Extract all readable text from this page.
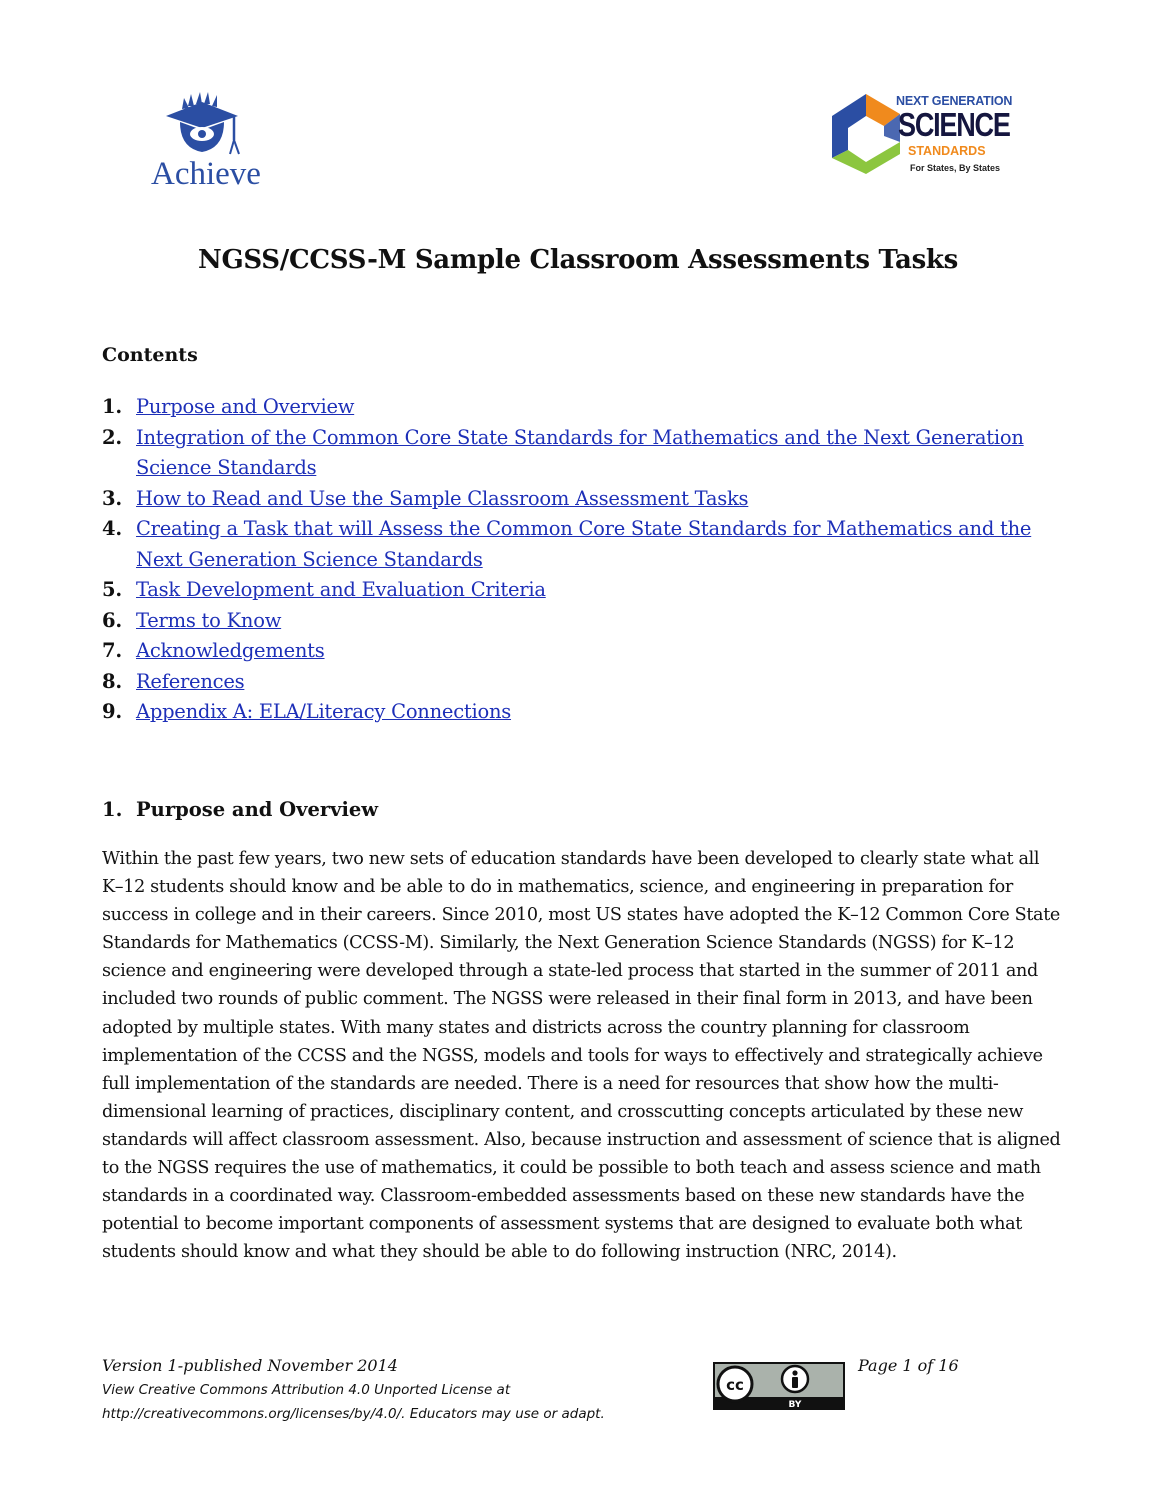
Achieve
NEXT GENERATION
SCIENCE
STANDARDS
For States, By States
NGSS/CCSS-M Sample Classroom Assessments Tasks
Contents
1. Purpose and Overview
2. Integration of the Common Core State Standards for Mathematics and the Next Generation Science Standards
3. How to Read and Use the Sample Classroom Assessment Tasks
4. Creating a Task that will Assess the Common Core State Standards for Mathematics and the Next Generation Science Standards
5. Task Development and Evaluation Criteria
6. Terms to Know
7. Acknowledgements
8. References
9. Appendix A: ELA/Literacy Connections
1. Purpose and Overview

Within the past few years, two new sets of education standards have been developed to clearly state what all K–12 students should know and be able to do in mathematics, science, and engineering in preparation for success in college and in their careers. Since 2010, most US states have adopted the K–12 Common Core State Standards for Mathematics (CCSS-M). Similarly, the Next Generation Science Standards (NGSS) for K–12 science and engineering were developed through a state-led process that started in the summer of 2011 and included two rounds of public comment. The NGSS were released in their final form in 2013, and have been adopted by multiple states. With many states and districts across the country planning for classroom implementation of the CCSS and the NGSS, models and tools for ways to effectively and strategically achieve full implementation of the standards are needed. There is a need for resources that show how the multi-dimensional learning of practices, disciplinary content, and crosscutting concepts articulated by these new standards will affect classroom assessment. Also, because instruction and assessment of science that is aligned to the NGSS requires the use of mathematics, it could be possible to both teach and assess science and math standards in a coordinated way. Classroom-embedded assessments based on these new standards have the potential to become important components of assessment systems that are designed to evaluate both what students should know and what they should be able to do following instruction (NRC, 2014).

Version 1-published November 2014
View Creative Commons Attribution 4.0 Unported License at
http://creativecommons.org/licenses/by/4.0/. Educators may use or adapt.
cc
BY
Page 1 of 16
